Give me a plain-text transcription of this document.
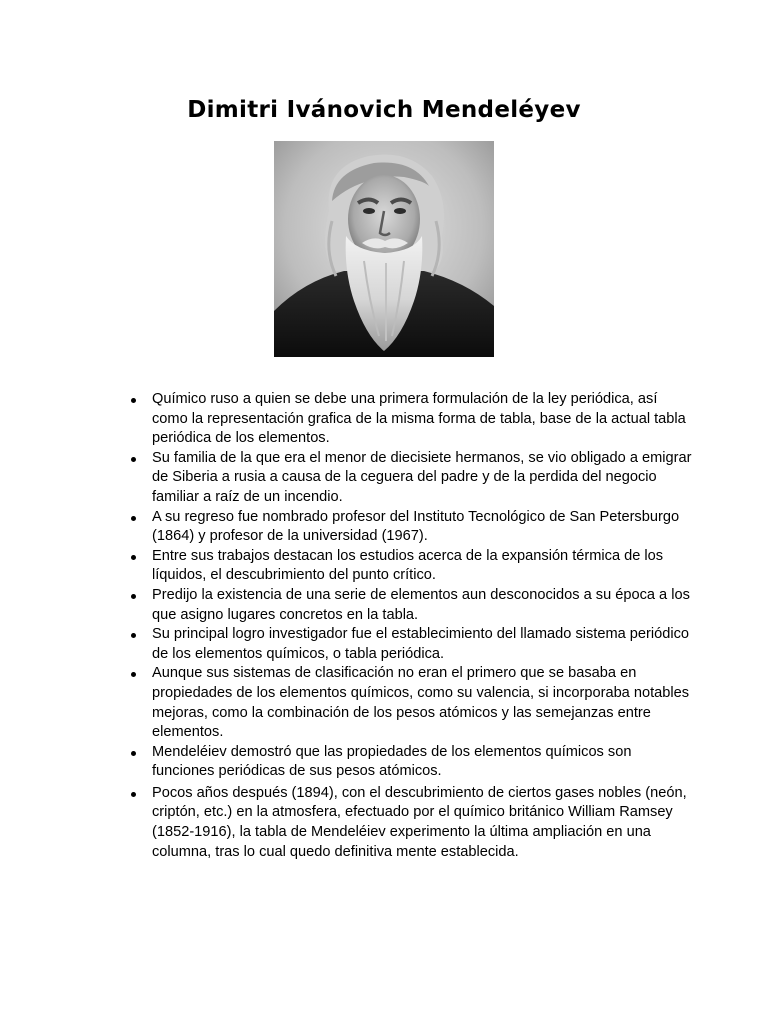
Dimitri Ivánovich Mendeléyev
Químico ruso a quien se debe una primera formulación de la ley periódica, así como la representación grafica de la misma forma de tabla, base de la actual tabla periódica de los elementos.
Su familia de la que era el menor de diecisiete hermanos, se vio obligado a emigrar de Siberia a rusia a causa de la ceguera del padre y de la perdida del negocio familiar a raíz de un incendio.
A su regreso fue nombrado profesor del Instituto Tecnológico de San Petersburgo (1864) y profesor de la universidad (1967).
Entre sus trabajos destacan los estudios acerca de la expansión térmica de los líquidos, el descubrimiento del punto crítico.
Predijo la existencia de una serie de elementos aun desconocidos a su época a los que asigno lugares concretos en la tabla.
Su principal logro investigador fue el establecimiento del llamado sistema periódico de los elementos químicos, o tabla periódica.
Aunque sus sistemas de clasificación no eran el primero que se basaba en propiedades de los elementos químicos, como su valencia, si incorporaba notables mejoras, como la combinación de los pesos atómicos y las semejanzas entre elementos.
Mendeléiev demostró que las propiedades de los elementos químicos son funciones periódicas de sus pesos atómicos.
Pocos años después (1894), con el descubrimiento de ciertos gases nobles (neón, criptón, etc.) en la atmosfera, efectuado por el químico británico William Ramsey (1852-1916), la tabla de Mendeléiev experimento la última ampliación en una columna, tras lo cual quedo definitiva mente establecida.
